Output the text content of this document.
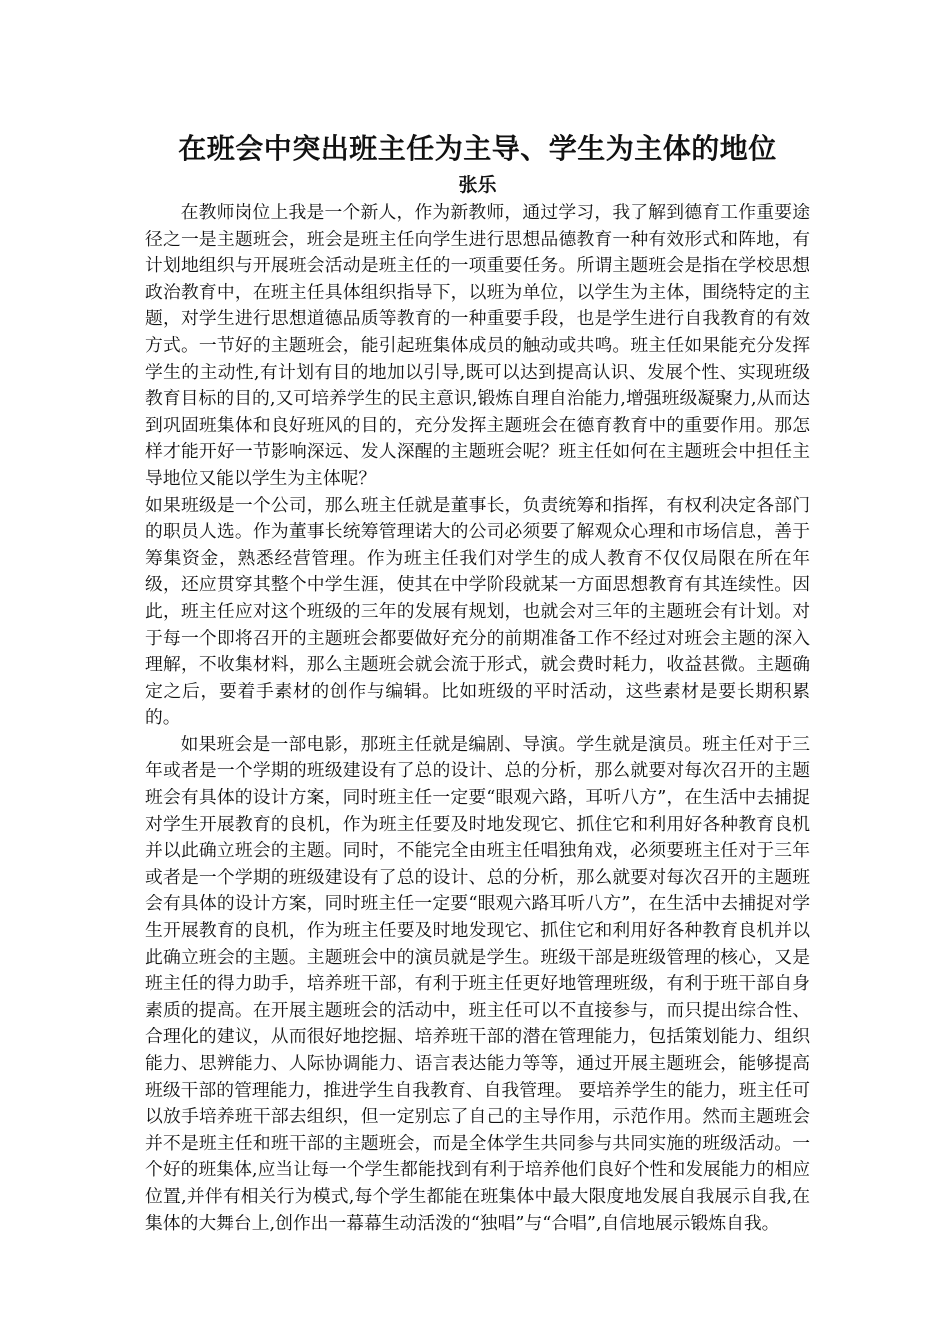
在班会中突出班主任为主导、学生为主体的地位

张乐

在教师岗位上我是一个新人，作为新教师，通过学习，我了解到德育工作重要途径之一是主题班会，班会是班主任向学生进行思想品德教育一种有效形式和阵地，有计划地组织与开展班会活动是班主任的一项重要任务。所谓主题班会是指在学校思想政治教育中，在班主任具体组织指导下，以班为单位，以学生为主体，围绕特定的主题，对学生进行思想道德品质等教育的一种重要手段，也是学生进行自我教育的有效方式。一节好的主题班会，能引起班集体成员的触动或共鸣。班主任如果能充分发挥学生的主动性,有计划有目的地加以引导,既可以达到提高认识、发展个性、实现班级教育目标的目的,又可培养学生的民主意识,锻炼自理自治能力,增强班级凝聚力,从而达到巩固班集体和良好班风的目的，充分发挥主题班会在德育教育中的重要作用。那怎样才能开好一节影响深远、发人深醒的主题班会呢？班主任如何在主题班会中担任主导地位又能以学生为主体呢？

如果班级是一个公司，那么班主任就是董事长，负责统筹和指挥，有权利决定各部门的职员人选。作为董事长统筹管理诺大的公司必须要了解观众心理和市场信息，善于筹集资金，熟悉经营管理。作为班主任我们对学生的成人教育不仅仅局限在所在年级，还应贯穿其整个中学生涯，使其在中学阶段就某一方面思想教育有其连续性。因此，班主任应对这个班级的三年的发展有规划，也就会对三年的主题班会有计划。对于每一个即将召开的主题班会都要做好充分的前期准备工作不经过对班会主题的深入理解，不收集材料，那么主题班会就会流于形式，就会费时耗力，收益甚微。主题确定之后，要着手素材的创作与编辑。比如班级的平时活动，这些素材是要长期积累的。

如果班会是一部电影，那班主任就是编剧、导演。学生就是演员。班主任对于三年或者是一个学期的班级建设有了总的设计、总的分析，那么就要对每次召开的主题班会有具体的设计方案，同时班主任一定要“眼观六路，耳听八方”，在生活中去捕捉对学生开展教育的良机，作为班主任要及时地发现它、抓住它和利用好各种教育良机并以此确立班会的主题。同时，不能完全由班主任唱独角戏，必须要班主任对于三年或者是一个学期的班级建设有了总的设计、总的分析，那么就要对每次召开的主题班会有具体的设计方案，同时班主任一定要“眼观六路耳听八方”，在生活中去捕捉对学生开展教育的良机，作为班主任要及时地发现它、抓住它和利用好各种教育良机并以此确立班会的主题。主题班会中的演员就是学生。班级干部是班级管理的核心，又是班主任的得力助手，培养班干部，有利于班主任更好地管理班级，有利于班干部自身素质的提高。在开展主题班会的活动中，班主任可以不直接参与，而只提出综合性、合理化的建议，从而很好地挖掘、培养班干部的潜在管理能力，包括策划能力、组织能力、思辨能力、人际协调能力、语言表达能力等等，通过开展主题班会，能够提高班级干部的管理能力，推进学生自我教育、自我管理。 要培养学生的能力，班主任可以放手培养班干部去组织，但一定别忘了自己的主导作用，示范作用。然而主题班会并不是班主任和班干部的主题班会，而是全体学生共同参与共同实施的班级活动。一个好的班集体,应当让每一个学生都能找到有利于培养他们良好个性和发展能力的相应位置,并伴有相关行为模式,每个学生都能在班集体中最大限度地发展自我展示自我,在集体的大舞台上,创作出一幕幕生动活泼的“独唱”与“合唱”,自信地展示锻炼自我。
